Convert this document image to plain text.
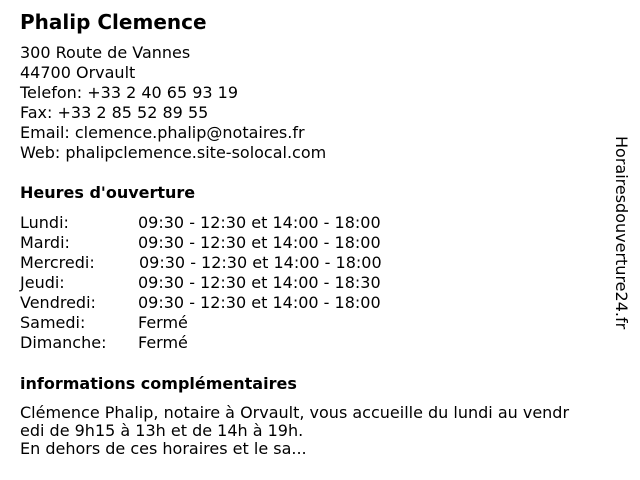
Phalip Clemence
300 Route de Vannes
44700 Orvault
Telefon: +33 2 40 65 93 19
Fax: +33 2 85 52 89 55
Email: clemence.phalip@notaires.fr
Web: phalipclemence.site-solocal.com
Heures d'ouverture
Lundi:	09:30 - 12:30 et 14:00 - 18:00
Mardi:	09:30 - 12:30 et 14:00 - 18:00
Mercredi:	09:30 - 12:30 et 14:00 - 18:00
Jeudi:	09:30 - 12:30 et 14:00 - 18:30
Vendredi:	09:30 - 12:30 et 14:00 - 18:00
Samedi:	Fermé
Dimanche: Fermé
informations complémentaires
Clémence Phalip, notaire à Orvault, vous accueille du lundi au vendr
edi de 9h15 à 13h et de 14h à 19h.
En dehors de ces horaires et le sa...
Horairesdouverture24.fr
